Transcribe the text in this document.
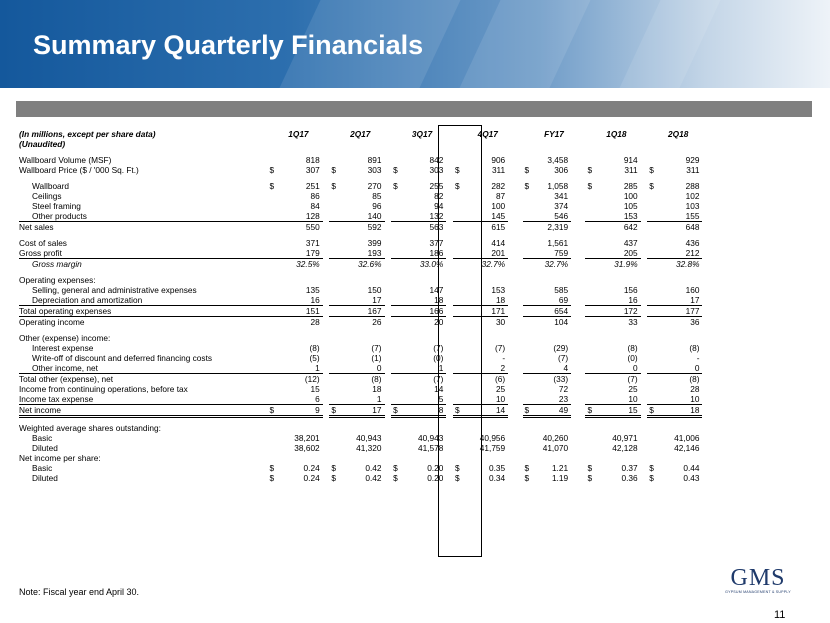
Summary Quarterly Financials
(In millions, except per share data)	1Q17			2Q17			3Q17			4Q17			FY17			1Q18			2Q18		
(Unaudited)																					

Wallboard Volume (MSF)		818			891			842			906			3,458			914			929	
Wallboard Price ($ / '000 Sq. Ft.)	$	307		$	303		$	303		$	311		$	306		$	311		$	311	

Wallboard	$	251		$	270		$	255		$	282		$	1,058		$	285		$	288	
Ceilings		86			85			82			87			341			100			102	
Steel framing		84			96			94			100			374			105			103	
Other products		128			140			132			145			546			153			155	
Net sales		550			592			563			615			2,319			642			648	

Cost of sales		371			399			377			414			1,561			437			436	
Gross profit		179			193			186			201			759			205			212	
Gross margin		32.5%			32.6%			33.0%			32.7%			32.7%			31.9%			32.8%	

Operating expenses:																					
Selling, general and administrative expenses		135			150			147			153			585			156			160	
Depreciation and amortization		16			17			18			18			69			16			17	
Total operating expenses		151			167			166			171			654			172			177	
Operating income		28			26			20			30			104			33			36	

Other (expense) income:																					
Interest expense		(8)			(7)			(7)			(7)			(29)			(8)			(8)	
Write-off of discount and deferred financing costs		(5)			(1)			(0)			-			(7)			(0)			-	
Other income, net		1			0			1			2			4			0			0	
Total other (expense), net		(12)			(8)			(7)			(6)			(33)			(7)			(8)	
Income from continuing operations, before tax		15			18			14			25			72			25			28	
Income tax expense		6			1			5			10			23			10			10	
Net income	$	9		$	17		$	8		$	14		$	49		$	15		$	18	

Weighted average shares outstanding:																					
Basic		38,201			40,943			40,943			40,956			40,260			40,971			41,006	
Diluted		38,602			41,320			41,578			41,759			41,070			42,128			42,146	
Net income per share:																					
Basic	$	0.24		$	0.42		$	0.20		$	0.35		$	1.21		$	0.37		$	0.44	
Diluted	$	0.24		$	0.42		$	0.20		$	0.34		$	1.19		$	0.36		$	0.43	
Note: Fiscal year end April 30.
GMS
GYPSUM MANAGEMENT & SUPPLY
11
